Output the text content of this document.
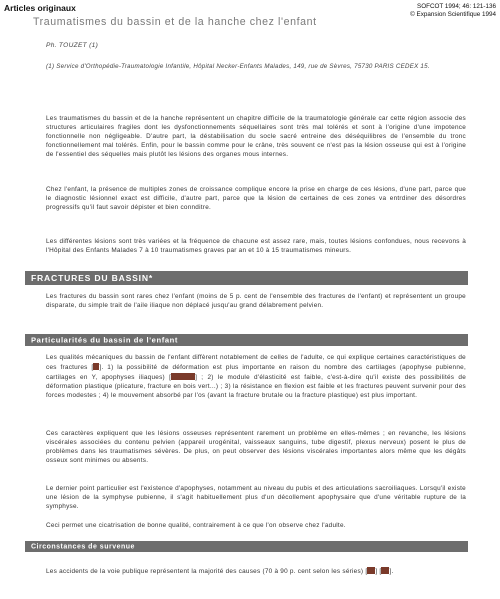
Articles originaux	SOFCOT 1994; 46: 121-136
© Expansion Scientifique 1994
Traumatismes du bassin et de la hanche chez l'enfant
Ph. TOUZET (1)
(1) Service d'Orthopédie-Traumatologie Infantile, Hôpital Necker-Enfants Malades, 149, rue de Sèvres, 75730 PARIS CEDEX 15.
Les traumatismes du bassin et de la hanche représentent un chapitre difficile de la traumatologie générale car cette région associe des structures articulaires fragiles dont les dysfonctionnements séquellaires sont très mal tolérés et sont à l'origine d'une impotence fonctionnelle non négligeable. D'autre part, la déstabilisation du socle sacré entreine des déséquilibres de l'ensemble du tronc fonctionnellement mal tolérés. Enfin, pour le bassin comme pour le crâne, très souvent ce n'est pas la lésion osseuse qui est à l'origine de l'essentiel des séquelles mais plutôt les lésions des organes mous internes.
Chez l'enfant, la présence de multiples zones de croissance complique encore la prise en charge de ces lésions, d'une part, parce que le diagnostic lésionnel exact est difficile, d'autre part, parce que la lésion de certaines de ces zones va entrdiner des désordres progressifs qu'il faut savoir dépister et bien connditre.
Les différentes lésions sont très variées et la fréquence de chacune est assez rare, mais, toutes lésions confondues, nous recevons à l'Hôpital des Enfants Malades 7 à 10 traumatismes graves par an et 10 à 15 traumatismes mineurs.
FRACTURES DU BASSIN*
Les fractures du bassin sont rares chez l'enfant (moins de 5 p. cent de l'ensemble des fractures de l'enfant) et représentent un groupe disparate, du simple trait de l'aile iliaque non déplacé jusqu'au grand délabrement pelvien.
Particularités du bassin de l'enfant
Les qualités mécaniques du bassin de l'enfant diffèrent notablement de celles de l'adulte, ce qui explique certaines caractéristiques de ces fractures [ ]. 1) la possibilité de déformation est plus importante en raison du nombre des cartilages (apophyse pubienne, cartilages en Y, apophyses iliaques) [	] ; 2) le module d'élasticité est faible, c'est-à-dire qu'il existe des possibilités de déformation plastique (plicature, fracture en bois vert...) ; 3) la résistance en flexion est faible et les fractures peuvent survenir pour des forces modestes ; 4) le mouvement absorbé par l'os (avant la fracture brutale ou la fracture plastique) est plus important.
Ces caractères expliquent que les lésions osseuses représentent rarement un problème en elles-mêmes ; en revanche, les lésions viscérales associées du contenu pelvien (appareil urogénital, vaisseaux sanguins, tube digestif, plexus nerveux) posent le plus de problèmes dans les traumatismes sévères. De plus, on peut observer des lésions viscérales importantes alors même que les dégâts osseux sont minimes ou absents.
Le dernier point particulier est l'existence d'apophyses, notamment au niveau du pubis et des articulations sacroiliaques. Lorsqu'il existe une lésion de la symphyse pubienne, il s'agit habituellement plus d'un décollement apophysaire que d'une véritable rupture de la symphyse.
Ceci permet une cicatrisation de bonne qualité, contrairement à ce que l'on observe chez l'adulte.
Circonstances de survenue
Les accidents de la voie publique représentent la majorité des causes (70 à 90 p. cent selon les séries) [ ] [ ].
